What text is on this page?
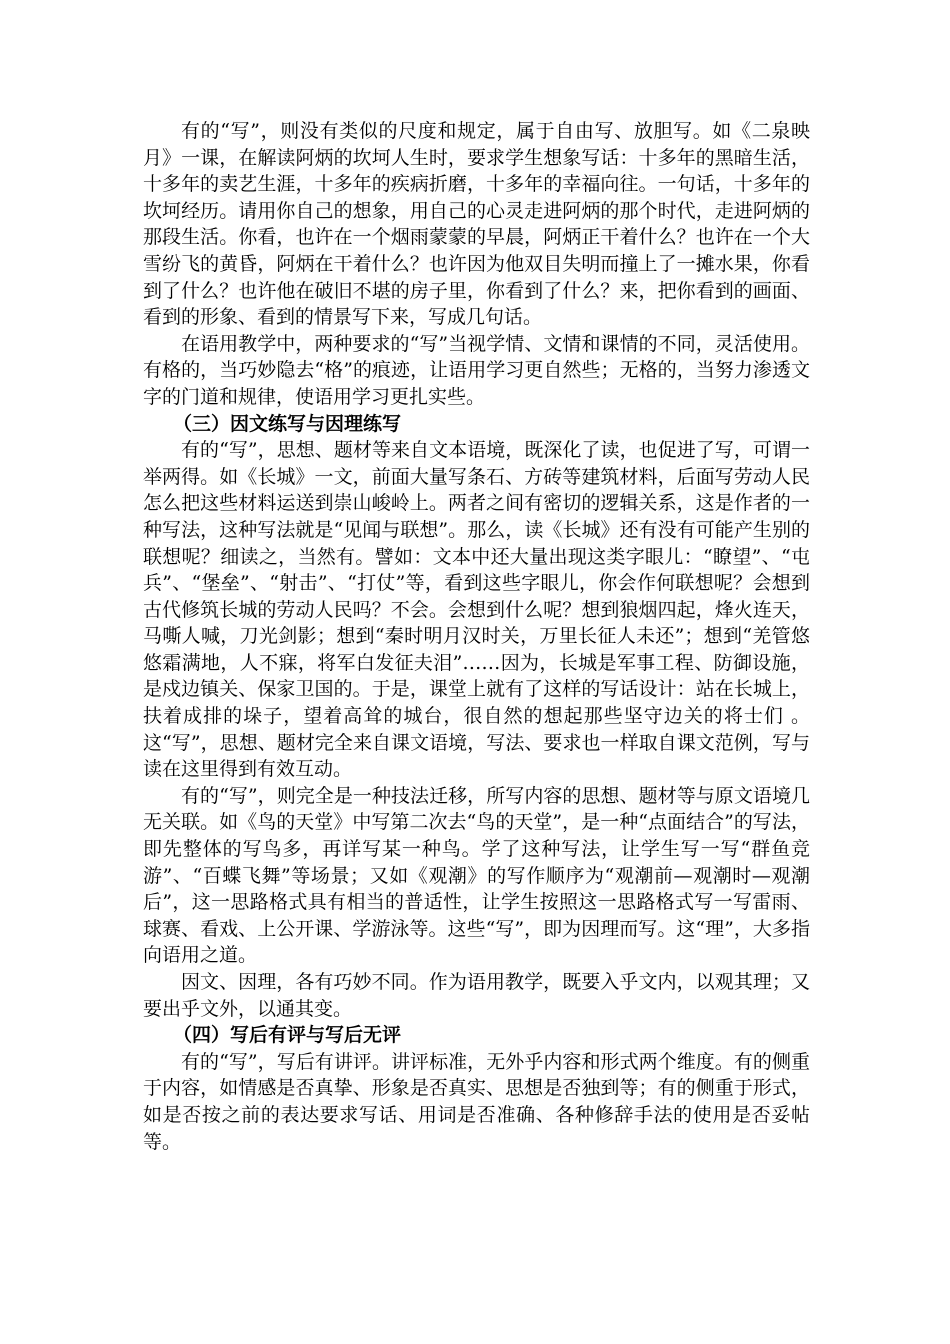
有的“写”，则没有类似的尺度和规定，属于自由写、放胆写。如《二泉映月》一课，在解读阿炳的坎坷人生时，要求学生想象写话：十多年的黑暗生活，十多年的卖艺生涯，十多年的疾病折磨，十多年的幸福向往。一句话，十多年的坎坷经历。请用你自己的想象，用自己的心灵走进阿炳的那个时代，走进阿炳的那段生活。你看，也许在一个烟雨蒙蒙的早晨，阿炳正干着什么？也许在一个大雪纷飞的黄昏，阿炳在干着什么？也许因为他双目失明而撞上了一摊水果，你看到了什么？也许他在破旧不堪的房子里，你看到了什么？来，把你看到的画面、看到的形象、看到的情景写下来，写成几句话。

在语用教学中，两种要求的“写”当视学情、文情和课情的不同，灵活使用。有格的，当巧妙隐去“格”的痕迹，让语用学习更自然些；无格的，当努力渗透文字的门道和规律，使语用学习更扎实些。

（三）因文练写与因理练写

有的“写”，思想、题材等来自文本语境，既深化了读，也促进了写，可谓一举两得。如《长城》一文，前面大量写条石、方砖等建筑材料，后面写劳动人民怎么把这些材料运送到崇山峻岭上。两者之间有密切的逻辑关系，这是作者的一种写法，这种写法就是“见闻与联想”。那么，读《长城》还有没有可能产生别的联想呢？细读之，当然有。譬如：文本中还大量出现这类字眼儿：“瞭望”、“屯兵”、“堡垒”、“射击”、“打仗”等，看到这些字眼儿，你会作何联想呢？会想到古代修筑长城的劳动人民吗？不会。会想到什么呢？想到狼烟四起，烽火连天，马嘶人喊，刀光剑影；想到“秦时明月汉时关，万里长征人未还”；想到“羌管悠悠霜满地，人不寐，将军白发征夫泪”……因为，长城是军事工程、防御设施，是戍边镇关、保家卫国的。于是，课堂上就有了这样的写话设计：站在长城上，扶着成排的垛子，望着高耸的城台，很自然的想起那些坚守边关的将士们 。这“写”，思想、题材完全来自课文语境，写法、要求也一样取自课文范例，写与读在这里得到有效互动。

有的“写”，则完全是一种技法迁移，所写内容的思想、题材等与原文语境几无关联。如《鸟的天堂》中写第二次去“鸟的天堂”，是一种“点面结合”的写法，即先整体的写鸟多，再详写某一种鸟。学了这种写法，让学生写一写“群鱼竞游”、“百蝶飞舞”等场景；又如《观潮》的写作顺序为“观潮前—观潮时—观潮后”，这一思路格式具有相当的普适性，让学生按照这一思路格式写一写雷雨、球赛、看戏、上公开课、学游泳等。这些“写”，即为因理而写。这“理”，大多指向语用之道。

因文、因理，各有巧妙不同。作为语用教学，既要入乎文内，以观其理；又要出乎文外，以通其变。

（四）写后有评与写后无评

有的“写”，写后有讲评。讲评标准，无外乎内容和形式两个维度。有的侧重于内容，如情感是否真挚、形象是否真实、思想是否独到等；有的侧重于形式，如是否按之前的表达要求写话、用词是否准确、各种修辞手法的使用是否妥帖等。
